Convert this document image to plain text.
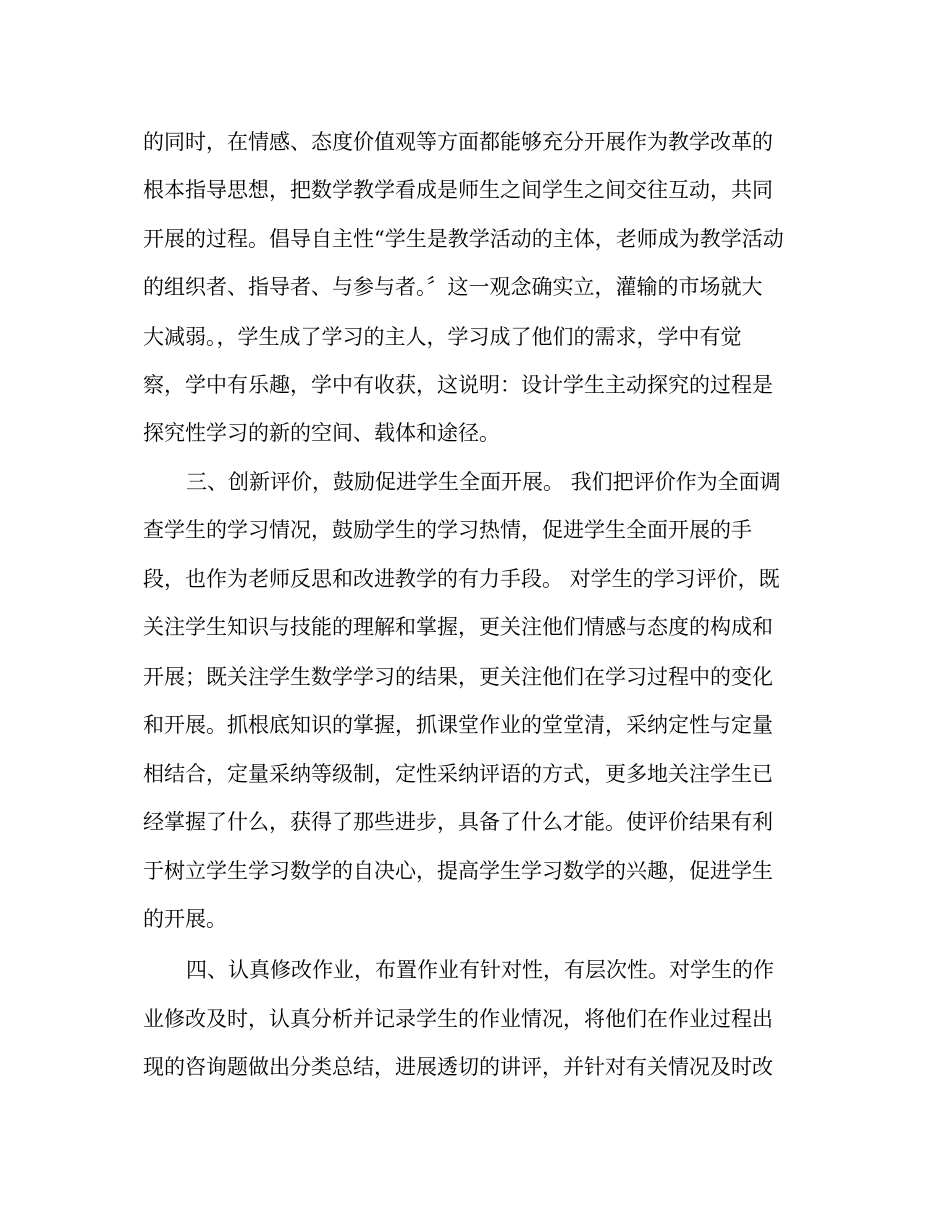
的同时，在情感、态度价值观等方面都能够充分开展作为教学改革的

根本指导思想，把数学教学看成是师生之间学生之间交往互动，共同

开展的过程。倡导自主性“学生是教学活动的主体，老师成为教学活动

的组织者、指导者、与参与者。〞这一观念确实立，灌输的市场就大

大减弱。，学生成了学习的主人，学习成了他们的需求，学中有觉

察，学中有乐趣，学中有收获，这说明：设计学生主动探究的过程是

探究性学习的新的空间、载体和途径。

三、创新评价，鼓励促进学生全面开展。 我们把评价作为全面调

查学生的学习情况，鼓励学生的学习热情，促进学生全面开展的手

段，也作为老师反思和改进教学的有力手段。 对学生的学习评价，既

关注学生知识与技能的理解和掌握，更关注他们情感与态度的构成和

开展；既关注学生数学学习的结果，更关注他们在学习过程中的变化

和开展。抓根底知识的掌握，抓课堂作业的堂堂清，采纳定性与定量

相结合，定量采纳等级制，定性采纳评语的方式，更多地关注学生已

经掌握了什么，获得了那些进步，具备了什么才能。使评价结果有利

于树立学生学习数学的自决心，提高学生学习数学的兴趣，促进学生

的开展。

四、认真修改作业，布置作业有针对性，有层次性。对学生的作

业修改及时，认真分析并记录学生的作业情况，将他们在作业过程出

现的咨询题做出分类总结，进展透切的讲评，并针对有关情况及时改
